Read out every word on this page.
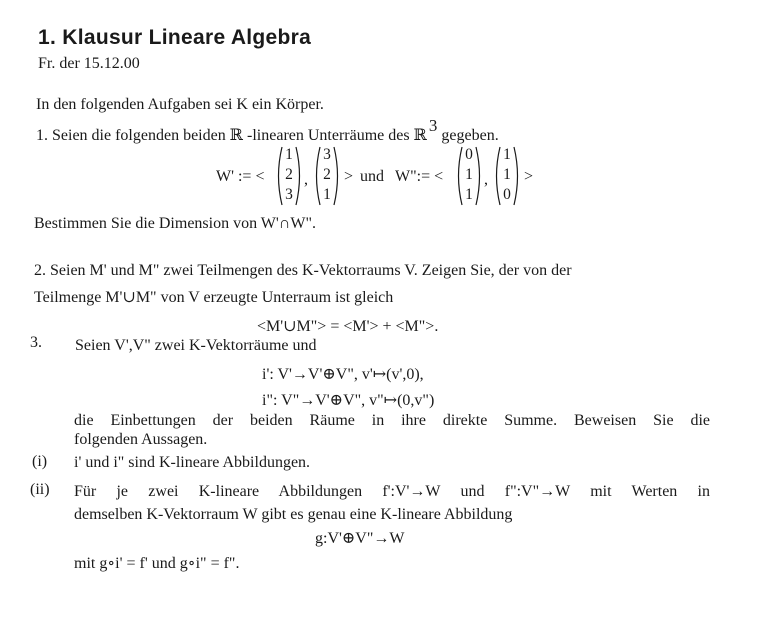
1. Klausur Lineare Algebra
Fr. der 15.12.00
In den folgenden Aufgaben sei K ein Körper.
1. Seien die folgenden beiden ℝ -linearen Unterräume des ℝ3 gegeben.
W' := <
1
2
3
,
3
2
1
> und W":= <
0
1
1
,
1
1
0
>
Bestimmen Sie die Dimension von W'∩W".
2. Seien M' und M" zwei Teilmengen des K-Vektorraums V. Zeigen Sie, der von der
Teilmenge M'∪M" von V erzeugte Unterraum ist gleich
<M'∪M"> = <M'> + <M">.
3. Seien V',V" zwei K-Vektorräume und
i': V'→V'⊕V", v'↦(v',0),
i": V"→V'⊕V", v"↦(0,v")
die Einbettungen der beiden Räume in ihre direkte Summe. Beweisen Sie die
folgenden Aussagen.
(i) i' und i" sind K-lineare Abbildungen.
(ii) Für je zwei K-lineare Abbildungen f':V'→W und f":V"→W mit Werten in
demselben K-Vektorraum W gibt es genau eine K-lineare Abbildung
g:V'⊕V"→W
mit g∘i' = f' und g∘i" = f".
